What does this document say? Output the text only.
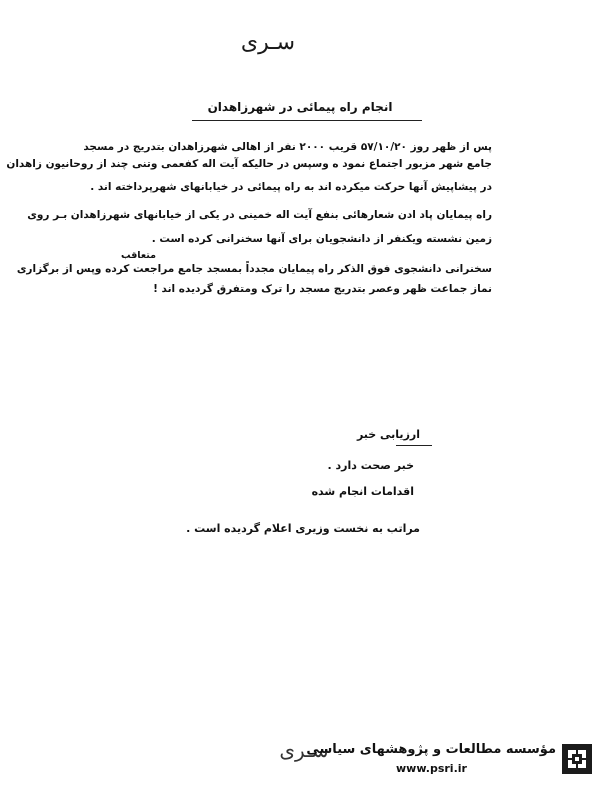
سـرى
انجام راه پیمائی در شهرزاهدان
پس از ظهر روز ۵۷/۱۰/۲۰ قریب ۲۰۰۰ نفر از اهالی شهرزاهدان بتدریج در مسجد
جامع شهر مزبور اجتماع نمود ه وسپس در حالیکه آیت اله کفعمی وتنی چند از روحانیون زاهدان
در پیشاپیش آنها حرکت میکرده اند به راه پیمائی در خیابانهای شهرپرداخته اند .
راه پیمایان پاد ادن شعارهائی بنفع آیت اله خمینی در یکی از خیابانهای شهرزاهدان بـر روی
زمین نشسته ویکنفر از دانشجویان برای آنها سخنرانی کرده است .
متعاقب
سخنرانی دانشجوی فوق الذکر راه پیمایان مجدداً بمسجد جامع مراجعت کرده وپس از برگزاری
نماز جماعت ظهر وعصر بتدریج مسجد را ترک ومتفرق گردیده اند !
ارزیابی خبر
خبر صحت دارد .
اقدامات انجام شده
مراتب به نخست وزیری اعلام گردیده است .
سـرى
مؤسسه مطالعات و پژوهشهای سیاسی
www.psri.ir
